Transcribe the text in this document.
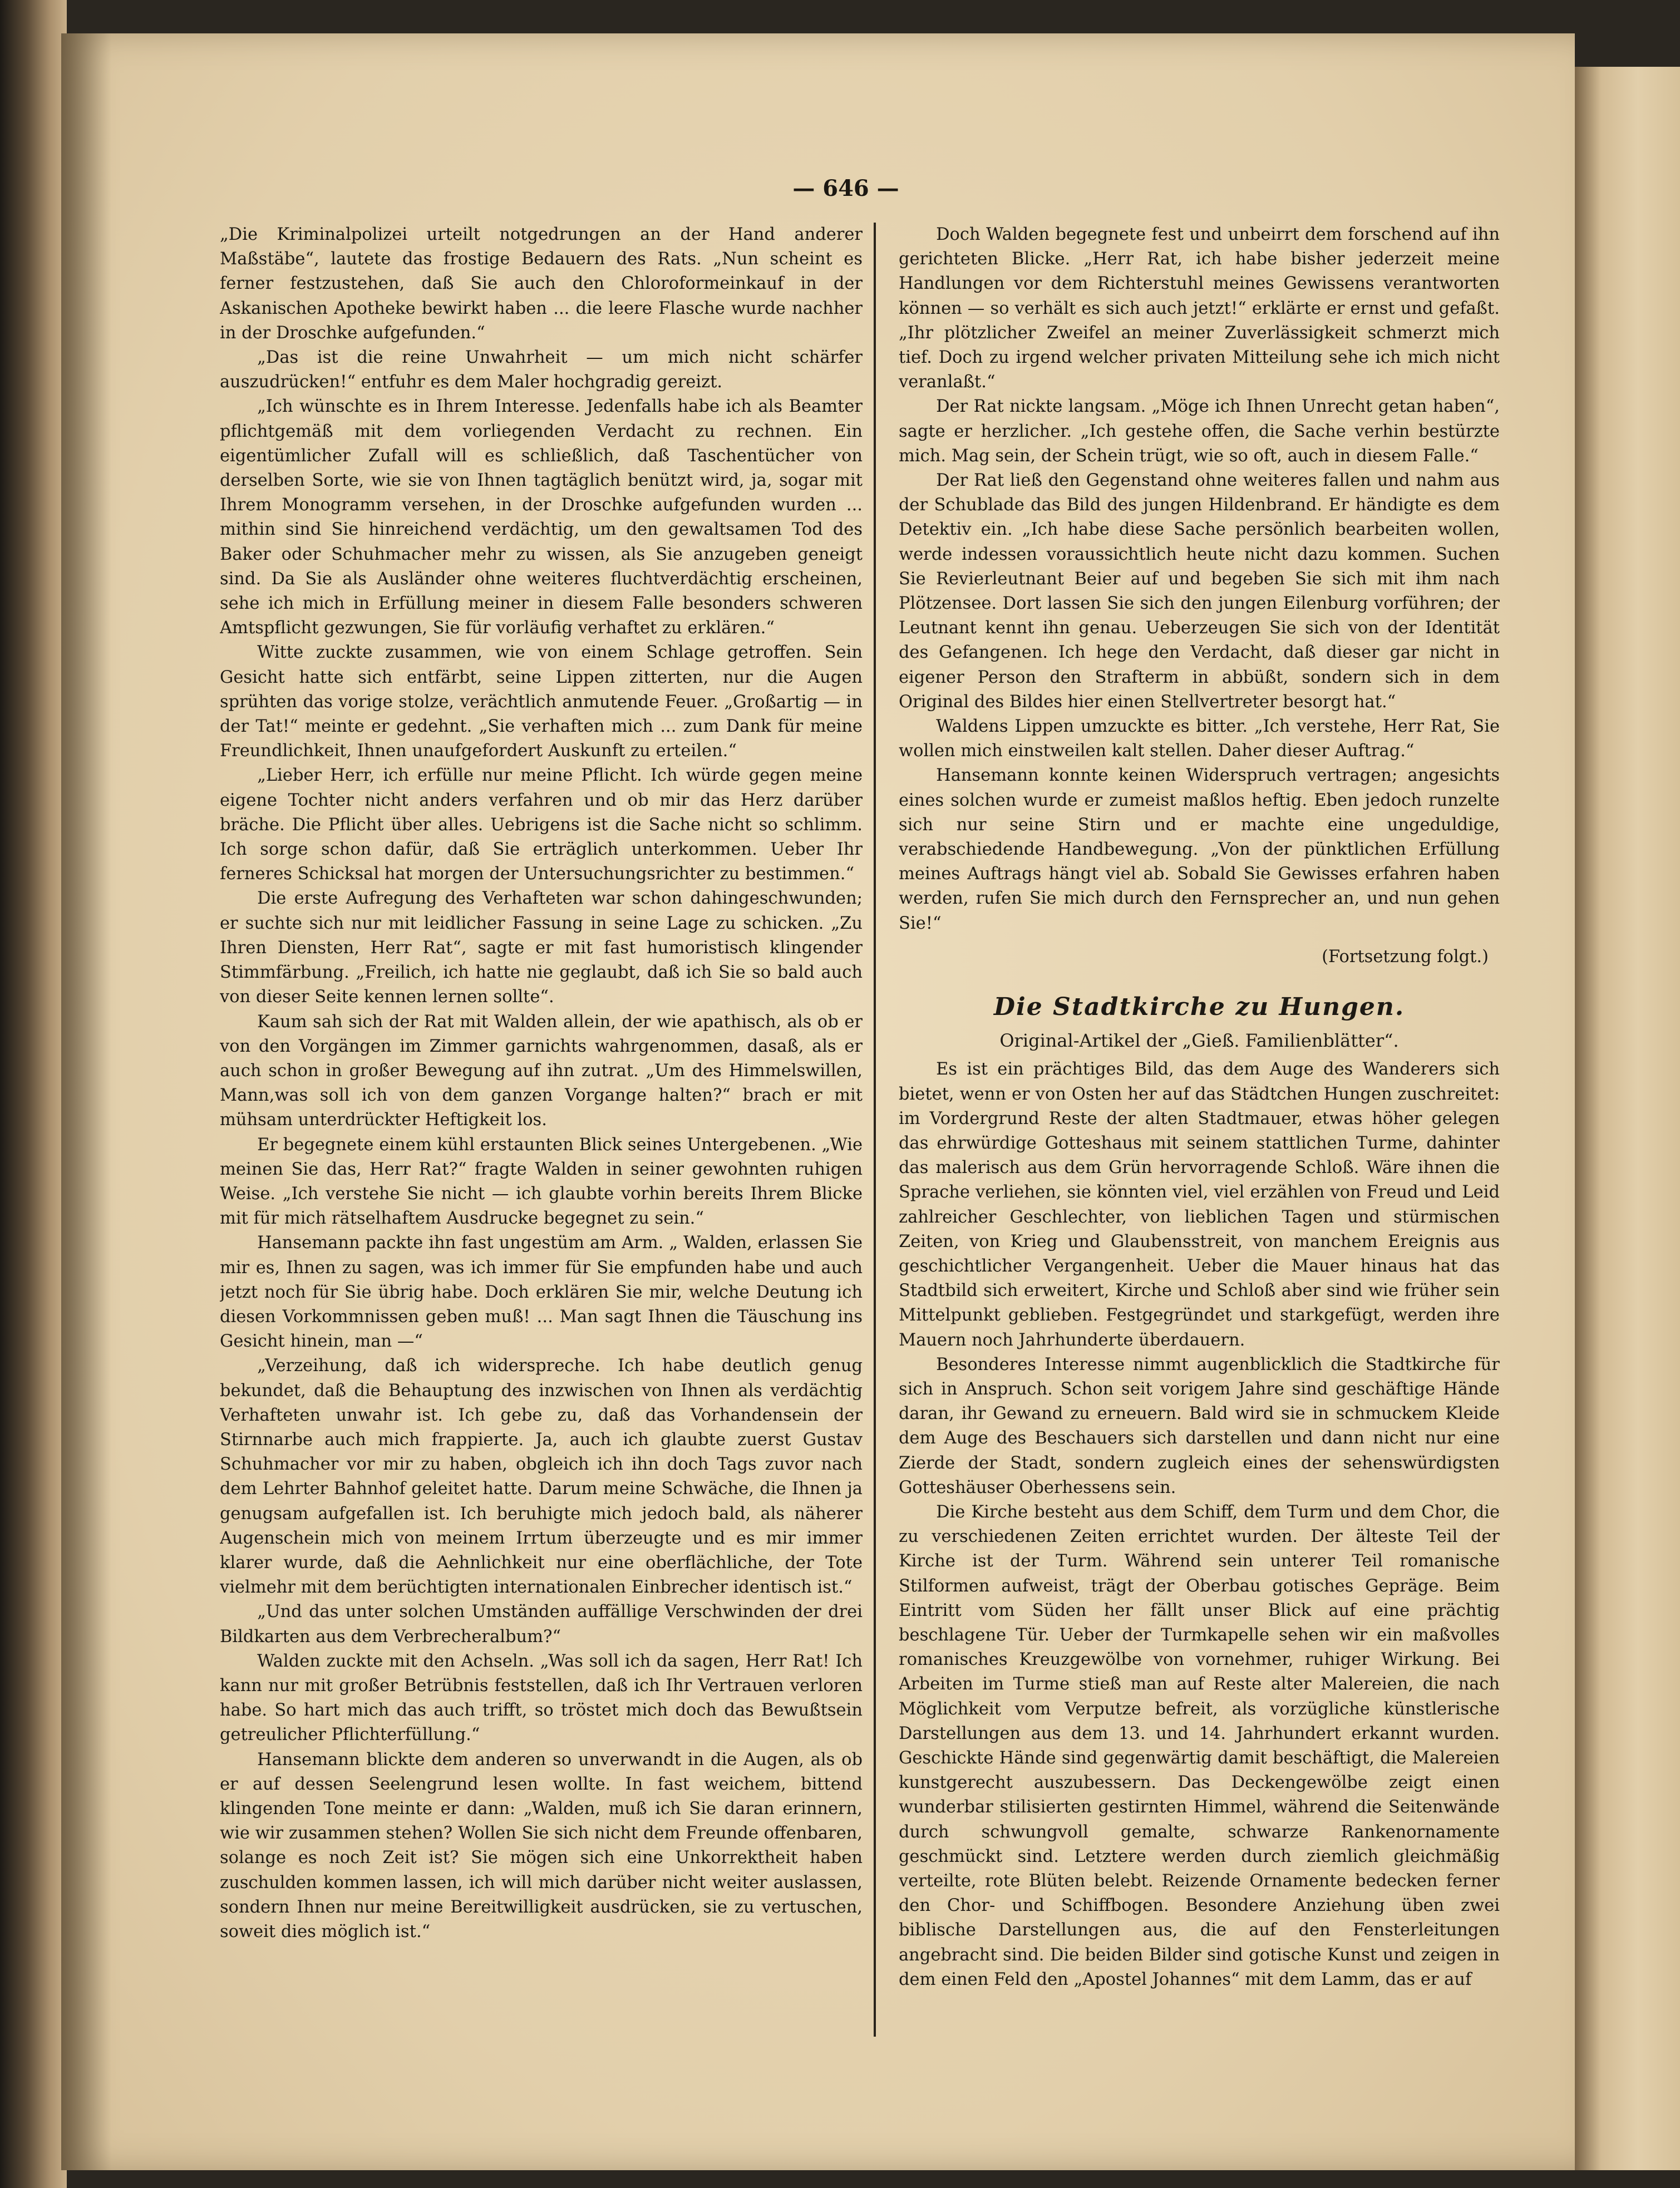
— 646 —

„Die Kriminalpolizei urteilt notgedrungen an der Hand anderer Maßstäbe“, lautete das frostige Bedauern des Rats. „Nun scheint es ferner festzustehen, daß Sie auch den Chloroformeinkauf in der Askanischen Apotheke bewirkt haben ... die leere Flasche wurde nachher in der Droschke aufgefunden.“

„Das ist die reine Unwahrheit — um mich nicht schärfer auszudrücken!“ entfuhr es dem Maler hochgradig gereizt.

„Ich wünschte es in Ihrem Interesse. Jedenfalls habe ich als Beamter pflichtgemäß mit dem vorliegenden Verdacht zu rechnen. Ein eigentümlicher Zufall will es schließlich, daß Taschentücher von derselben Sorte, wie sie von Ihnen tagtäglich benützt wird, ja, sogar mit Ihrem Monogramm versehen, in der Droschke aufgefunden wurden ... mithin sind Sie hinreichend verdächtig, um den gewaltsamen Tod des Baker oder Schuhmacher mehr zu wissen, als Sie anzugeben geneigt sind. Da Sie als Ausländer ohne weiteres fluchtverdächtig erscheinen, sehe ich mich in Erfüllung meiner in diesem Falle besonders schweren Amtspflicht gezwungen, Sie für vorläufig verhaftet zu erklären.“

Witte zuckte zusammen, wie von einem Schlage getroffen. Sein Gesicht hatte sich entfärbt, seine Lippen zitterten, nur die Augen sprühten das vorige stolze, verächtlich anmutende Feuer. „Großartig — in der Tat!“ meinte er gedehnt. „Sie verhaften mich ... zum Dank für meine Freundlichkeit, Ihnen unaufgefordert Auskunft zu erteilen.“

„Lieber Herr, ich erfülle nur meine Pflicht. Ich würde gegen meine eigene Tochter nicht anders verfahren und ob mir das Herz darüber bräche. Die Pflicht über alles. Uebrigens ist die Sache nicht so schlimm. Ich sorge schon dafür, daß Sie erträglich unterkommen. Ueber Ihr ferneres Schicksal hat morgen der Untersuchungsrichter zu bestimmen.“

Die erste Aufregung des Verhafteten war schon dahingeschwunden; er suchte sich nur mit leidlicher Fassung in seine Lage zu schicken. „Zu Ihren Diensten, Herr Rat“, sagte er mit fast humoristisch klingender Stimmfärbung. „Freilich, ich hatte nie geglaubt, daß ich Sie so bald auch von dieser Seite kennen lernen sollte“.

Kaum sah sich der Rat mit Walden allein, der wie apathisch, als ob er von den Vorgängen im Zimmer garnichts wahrgenommen, dasaß, als er auch schon in großer Bewegung auf ihn zutrat. „Um des Himmelswillen, Mann,was soll ich von dem ganzen Vorgange halten?“ brach er mit mühsam unterdrückter Heftigkeit los.

Er begegnete einem kühl erstaunten Blick seines Untergebenen. „Wie meinen Sie das, Herr Rat?“ fragte Walden in seiner gewohnten ruhigen Weise. „Ich verstehe Sie nicht — ich glaubte vorhin bereits Ihrem Blicke mit für mich rätselhaftem Ausdrucke begegnet zu sein.“

Hansemann packte ihn fast ungestüm am Arm. „ Walden, erlassen Sie mir es, Ihnen zu sagen, was ich immer für Sie empfunden habe und auch jetzt noch für Sie übrig habe. Doch erklären Sie mir, welche Deutung ich diesen Vorkommnissen geben muß! ... Man sagt Ihnen die Täuschung ins Gesicht hinein, man —“

„Verzeihung, daß ich widerspreche. Ich habe deutlich genug bekundet, daß die Behauptung des inzwischen von Ihnen als verdächtig Verhafteten unwahr ist. Ich gebe zu, daß das Vorhandensein der Stirnnarbe auch mich frappierte. Ja, auch ich glaubte zuerst Gustav Schuhmacher vor mir zu haben, obgleich ich ihn doch Tags zuvor nach dem Lehrter Bahnhof geleitet hatte. Darum meine Schwäche, die Ihnen ja genugsam aufgefallen ist. Ich beruhigte mich jedoch bald, als näherer Augenschein mich von meinem Irrtum überzeugte und es mir immer klarer wurde, daß die Aehnlichkeit nur eine oberflächliche, der Tote vielmehr mit dem berüchtigten internationalen Einbrecher identisch ist.“

„Und das unter solchen Umständen auffällige Verschwinden der drei Bildkarten aus dem Verbrecheralbum?“

Walden zuckte mit den Achseln. „Was soll ich da sagen, Herr Rat! Ich kann nur mit großer Betrübnis feststellen, daß ich Ihr Vertrauen verloren habe. So hart mich das auch trifft, so tröstet mich doch das Bewußtsein getreulicher Pflichterfüllung.“

Hansemann blickte dem anderen so unverwandt in die Augen, als ob er auf dessen Seelengrund lesen wollte. In fast weichem, bittend klingenden Tone meinte er dann: „Walden, muß ich Sie daran erinnern, wie wir zusammen stehen? Wollen Sie sich nicht dem Freunde offenbaren, solange es noch Zeit ist? Sie mögen sich eine Unkorrektheit haben zuschulden kommen lassen, ich will mich darüber nicht weiter auslassen, sondern Ihnen nur meine Bereitwilligkeit ausdrücken, sie zu vertuschen, soweit dies möglich ist.“

Doch Walden begegnete fest und unbeirrt dem forschend auf ihn gerichteten Blicke. „Herr Rat, ich habe bisher jederzeit meine Handlungen vor dem Richterstuhl meines Gewissens verantworten können — so verhält es sich auch jetzt!“ erklärte er ernst und gefaßt. „Ihr plötzlicher Zweifel an meiner Zuverlässigkeit schmerzt mich tief. Doch zu irgend welcher privaten Mitteilung sehe ich mich nicht veranlaßt.“

Der Rat nickte langsam. „Möge ich Ihnen Unrecht getan haben“, sagte er herzlicher. „Ich gestehe offen, die Sache verhin bestürzte mich. Mag sein, der Schein trügt, wie so oft, auch in diesem Falle.“

Der Rat ließ den Gegenstand ohne weiteres fallen und nahm aus der Schublade das Bild des jungen Hildenbrand. Er händigte es dem Detektiv ein. „Ich habe diese Sache persönlich bearbeiten wollen, werde indessen voraussichtlich heute nicht dazu kommen. Suchen Sie Revierleutnant Beier auf und begeben Sie sich mit ihm nach Plötzensee. Dort lassen Sie sich den jungen Eilenburg vorführen; der Leutnant kennt ihn genau. Ueberzeugen Sie sich von der Identität des Gefangenen. Ich hege den Verdacht, daß dieser gar nicht in eigener Person den Strafterm in abbüßt, sondern sich in dem Original des Bildes hier einen Stellvertreter besorgt hat.“

Waldens Lippen umzuckte es bitter. „Ich verstehe, Herr Rat, Sie wollen mich einstweilen kalt stellen. Daher dieser Auftrag.“

Hansemann konnte keinen Widerspruch vertragen; angesichts eines solchen wurde er zumeist maßlos heftig. Eben jedoch runzelte sich nur seine Stirn und er machte eine ungeduldige, verabschiedende Handbewegung. „Von der pünktlichen Erfüllung meines Auftrags hängt viel ab. Sobald Sie Gewisses erfahren haben werden, rufen Sie mich durch den Fernsprecher an, und nun gehen Sie!“

(Fortsetzung folgt.)
Die Stadtkirche zu Hungen.
Original-Artikel der „Gieß. Familienblätter“.

Es ist ein prächtiges Bild, das dem Auge des Wanderers sich bietet, wenn er von Osten her auf das Städtchen Hungen zuschreitet: im Vordergrund Reste der alten Stadtmauer, etwas höher gelegen das ehrwürdige Gotteshaus mit seinem stattlichen Turme, dahinter das malerisch aus dem Grün hervorragende Schloß. Wäre ihnen die Sprache verliehen, sie könnten viel, viel erzählen von Freud und Leid zahlreicher Geschlechter, von lieblichen Tagen und stürmischen Zeiten, von Krieg und Glaubensstreit, von manchem Ereignis aus geschichtlicher Vergangenheit. Ueber die Mauer hinaus hat das Stadtbild sich erweitert, Kirche und Schloß aber sind wie früher sein Mittelpunkt geblieben. Festgegründet und starkgefügt, werden ihre Mauern noch Jahrhunderte überdauern.

Besonderes Interesse nimmt augenblicklich die Stadtkirche für sich in Anspruch. Schon seit vorigem Jahre sind geschäftige Hände daran, ihr Gewand zu erneuern. Bald wird sie in schmuckem Kleide dem Auge des Beschauers sich darstellen und dann nicht nur eine Zierde der Stadt, sondern zugleich eines der sehenswürdigsten Gotteshäuser Oberhessens sein.

Die Kirche besteht aus dem Schiff, dem Turm und dem Chor, die zu verschiedenen Zeiten errichtet wurden. Der älteste Teil der Kirche ist der Turm. Während sein unterer Teil romanische Stilformen aufweist, trägt der Oberbau gotisches Gepräge. Beim Eintritt vom Süden her fällt unser Blick auf eine prächtig beschlagene Tür. Ueber der Turmkapelle sehen wir ein maßvolles romanisches Kreuzgewölbe von vornehmer, ruhiger Wirkung. Bei Arbeiten im Turme stieß man auf Reste alter Malereien, die nach Möglichkeit vom Verputze befreit, als vorzügliche künstlerische Darstellungen aus dem 13. und 14. Jahrhundert erkannt wurden. Geschickte Hände sind gegenwärtig damit beschäftigt, die Malereien kunstgerecht auszubessern. Das Deckengewölbe zeigt einen wunderbar stilisierten gestirnten Himmel, während die Seitenwände durch schwungvoll gemalte, schwarze Rankenornamente geschmückt sind. Letztere werden durch ziemlich gleichmäßig verteilte, rote Blüten belebt. Reizende Ornamente bedecken ferner den Chor- und Schiffbogen. Besondere Anziehung üben zwei biblische Darstellungen aus, die auf den Fensterleitungen angebracht sind. Die beiden Bilder sind gotische Kunst und zeigen in dem einen Feld den „Apostel Johannes“ mit dem Lamm, das er auf
